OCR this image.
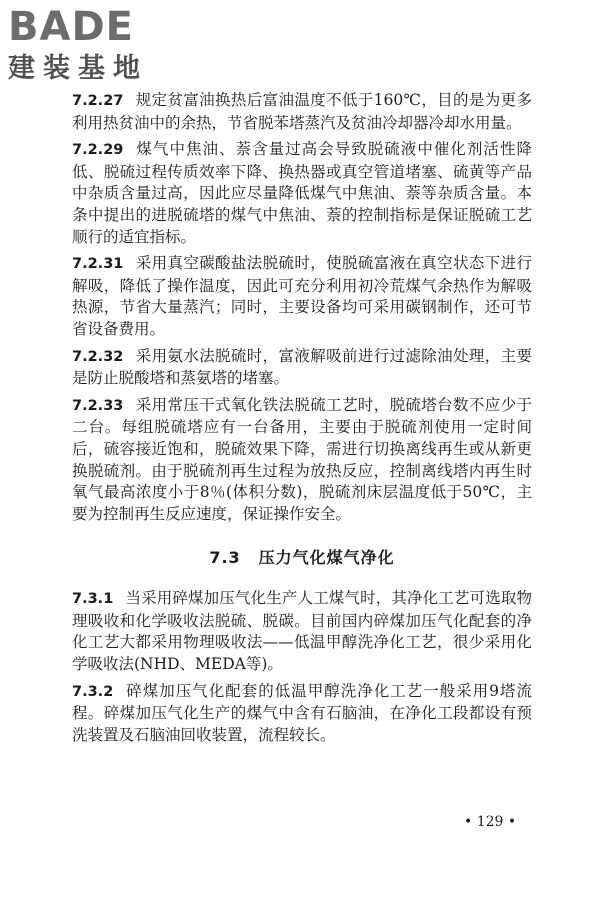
BADE
建装基地

7.2.27 规定贫富油换热后富油温度不低于160℃，目的是为更多利用热贫油中的余热，节省脱苯塔蒸汽及贫油冷却器冷却水用量。

7.2.29 煤气中焦油、萘含量过高会导致脱硫液中催化剂活性降低、脱硫过程传质效率下降、换热器或真空管道堵塞、硫黄等产品中杂质含量过高，因此应尽量降低煤气中焦油、萘等杂质含量。本条中提出的进脱硫塔的煤气中焦油、萘的控制指标是保证脱硫工艺顺行的适宜指标。

7.2.31 采用真空碳酸盐法脱硫时，使脱硫富液在真空状态下进行解吸，降低了操作温度，因此可充分利用初冷荒煤气余热作为解吸热源，节省大量蒸汽；同时，主要设备均可采用碳钢制作，还可节省设备费用。

7.2.32 采用氨水法脱硫时，富液解吸前进行过滤除油处理，主要是防止脱酸塔和蒸氨塔的堵塞。

7.2.33 采用常压干式氧化铁法脱硫工艺时，脱硫塔台数不应少于二台。每组脱硫塔应有一台备用，主要由于脱硫剂使用一定时间后，硫容接近饱和，脱硫效果下降，需进行切换离线再生或从新更换脱硫剂。由于脱硫剂再生过程为放热反应，控制离线塔内再生时氧气最高浓度小于8％(体积分数)，脱硫剂床层温度低于50℃，主要为控制再生反应速度，保证操作安全。

7.3 压力气化煤气净化

7.3.1 当采用碎煤加压气化生产人工煤气时，其净化工艺可选取物理吸收和化学吸收法脱硫、脱碳。目前国内碎煤加压气化配套的净化工艺大都采用物理吸收法——低温甲醇洗净化工艺，很少采用化学吸收法(NHD、MEDA等)。

7.3.2 碎煤加压气化配套的低温甲醇洗净化工艺一般采用9塔流程。碎煤加压气化生产的煤气中含有石脑油，在净化工段都设有预洗装置及石脑油回收装置，流程较长。

• 129 •
